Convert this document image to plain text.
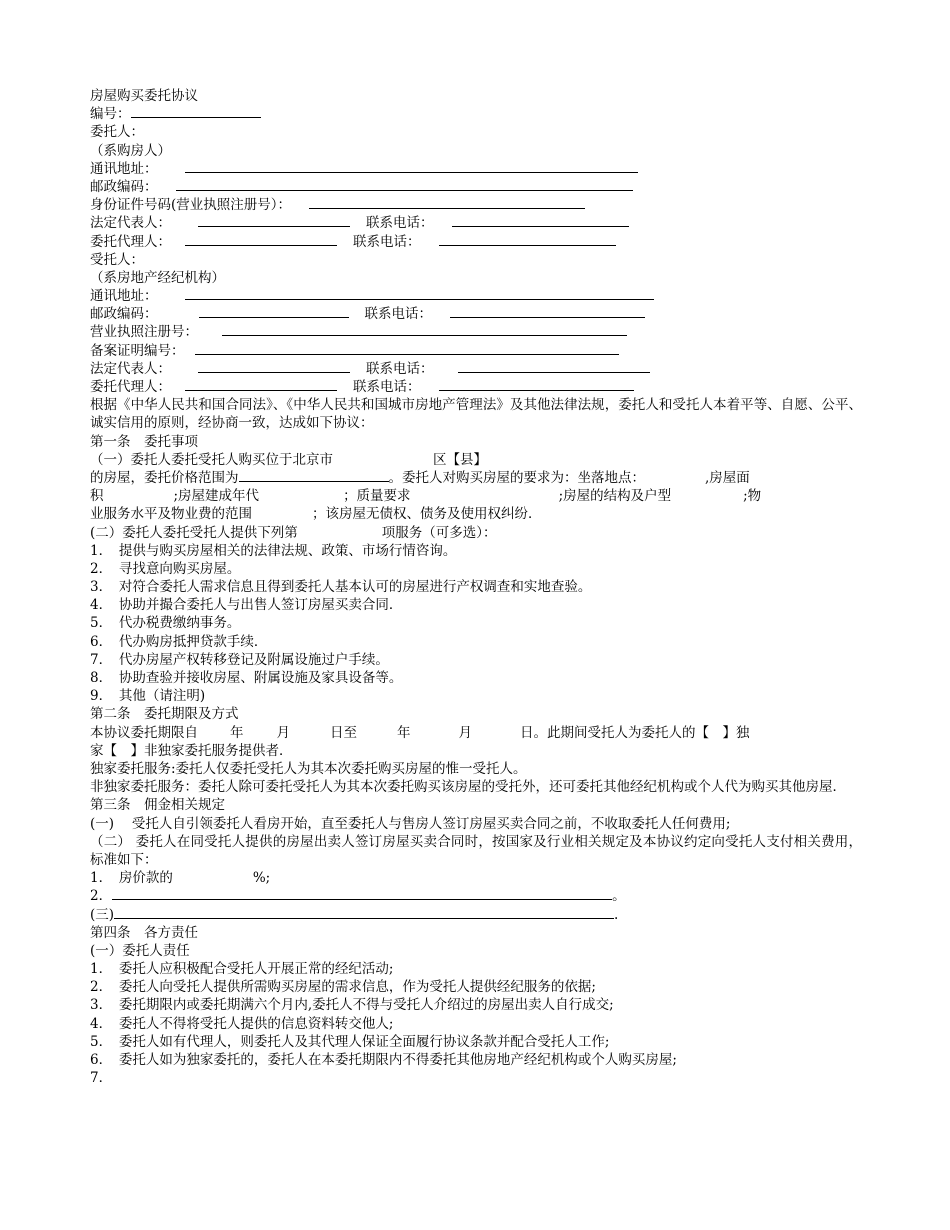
房屋购买委托协议
编号：
委托人：
（系购房人）
通讯地址：
邮政编码：
身份证件号码(营业执照注册号）：
法定代表人：	联系电话：
委托代理人：	联系电话：
受托人：
（系房地产经纪机构）
通讯地址：
邮政编码：	联系电话：
营业执照注册号：
备案证明编号：
法定代表人：	联系电话：
委托代理人：	联系电话：
根据《中华人民共和国合同法》、《中华人民共和国城市房地产管理法》及其他法律法规，委托人和受托人本着平等、自愿、公平、诚实信用的原则，经协商一致，达成如下协议：
第一条　委托事项
（一）委托人委托受托人购买位于北京市	区【县】
的房屋，委托价格范围为	。委托人对购买房屋的要求为：坐落地点：	,房屋面
积	;房屋建成年代	；质量要求	;房屋的结构及户型	;物
业服务水平及物业费的范围	；该房屋无债权、债务及使用权纠纷．
(二）委托人委托受托人提供下列第	项服务（可多选）：
1．　提供与购买房屋相关的法律法规、政策、市场行情咨询。
2．　寻找意向购买房屋。
3．　对符合委托人需求信息且得到委托人基本认可的房屋进行产权调查和实地查验。
4．　协助并撮合委托人与出售人签订房屋买卖合同．
5．　代办税费缴纳事务。
6．　代办购房抵押贷款手续．
7．　代办房屋产权转移登记及附属设施过户手续。
8．　协助查验并接收房屋、附属设施及家具设备等。
9．　其他（请注明)
第二条　委托期限及方式
本协议委托期限自 年 月	日至	年	月	日。此期间受托人为委托人的【　】独
家【　】非独家委托服务提供者．
独家委托服务:委托人仅委托受托人为其本次委托购买房屋的惟一受托人。
非独家委托服务：委托人除可委托受托人为其本次委托购买该房屋的受托外，还可委托其他经纪机构或个人代为购买其他房屋．
第三条　佣金相关规定
(一)　 受托人自引领委托人看房开始，直至委托人与售房人签订房屋买卖合同之前，不收取委托人任何费用;
（二） 委托人在同受托人提供的房屋出卖人签订房屋买卖合同时，按国家及行业相关规定及本协议约定向受托人支付相关费用，标准如下：
1．　房价款的	%;
2．	。
(三)	.
第四条　各方责任
(一）委托人责任
1．　委托人应积极配合受托人开展正常的经纪活动;
2．　委托人向受托人提供所需购买房屋的需求信息，作为受托人提供经纪服务的依据;
3．　委托期限内或委托期满六个月内,委托人不得与受托人介绍过的房屋出卖人自行成交;
4．　委托人不得将受托人提供的信息资料转交他人;
5．　委托人如有代理人，则委托人及其代理人保证全面履行协议条款并配合受托人工作;
6．　委托人如为独家委托的，委托人在本委托期限内不得委托其他房地产经纪机构或个人购买房屋;
7．
